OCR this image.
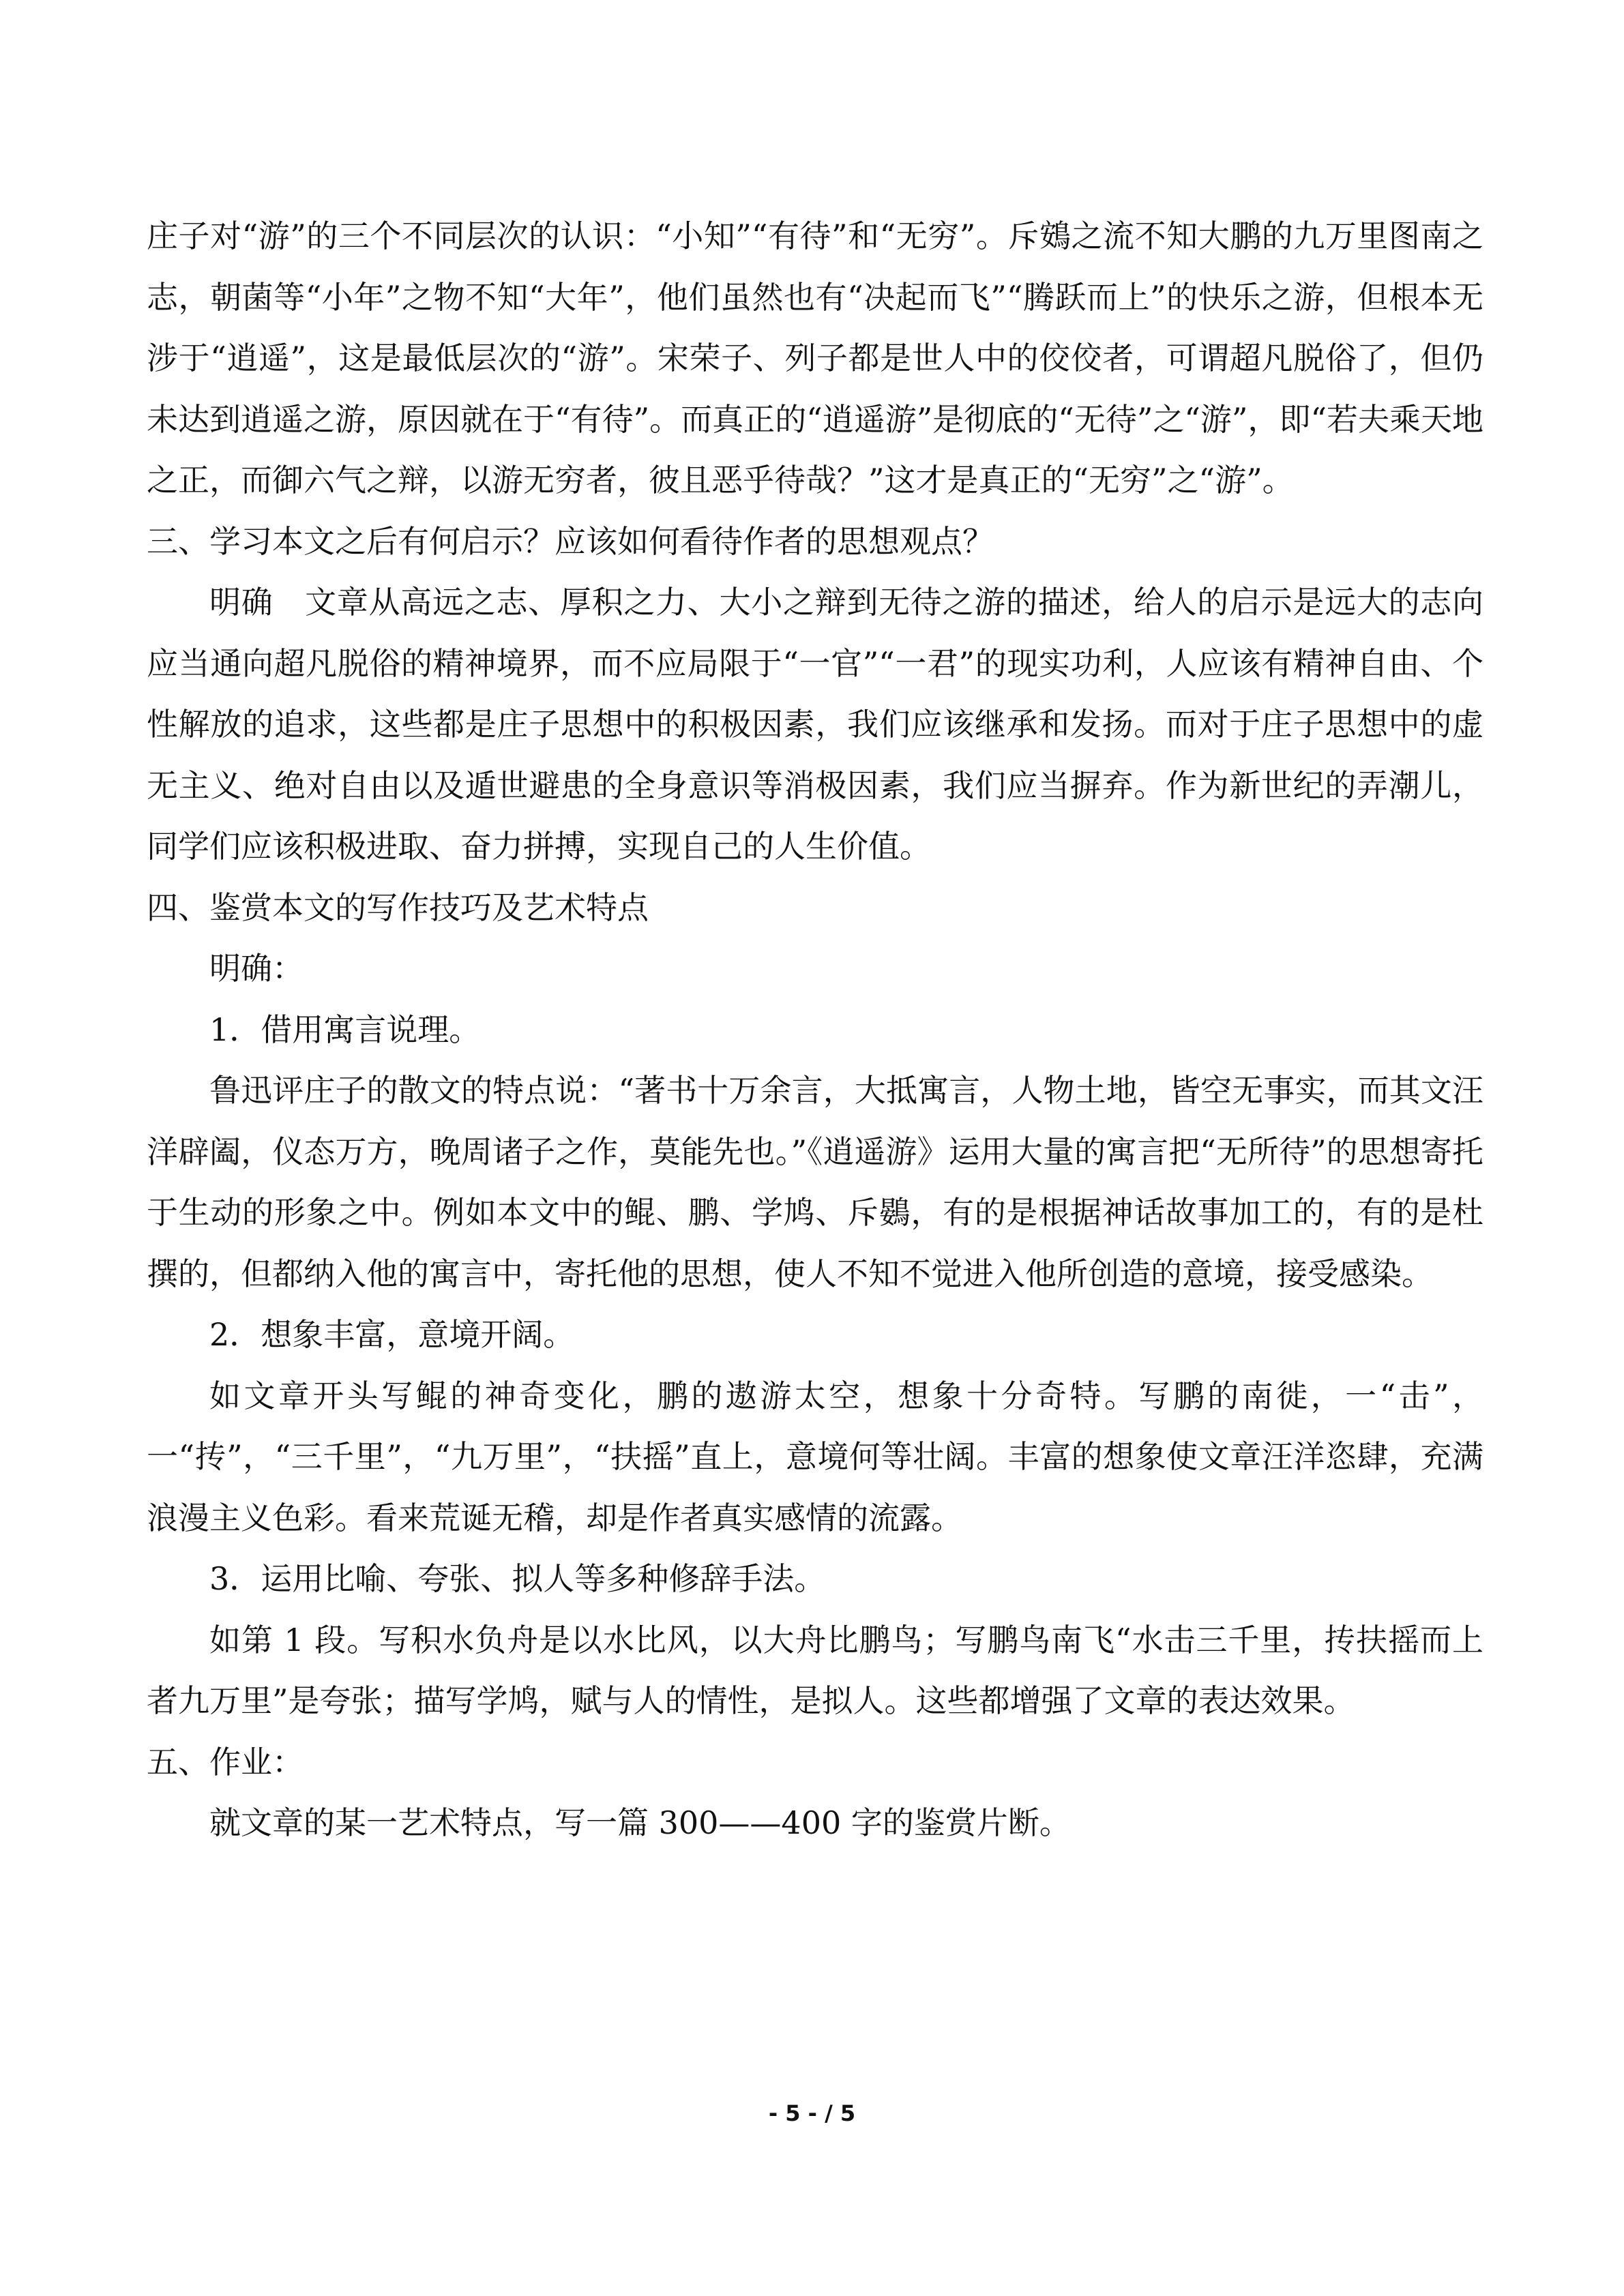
庄子对“游”的三个不同层次的认识：“小知”“有待”和“无穷”。斥鴳之流不知大鹏的九万里图南之志，朝菌等“小年”之物不知“大年”，他们虽然也有“决起而飞”“腾跃而上”的快乐之游，但根本无涉于“逍遥”，这是最低层次的“游”。宋荣子、列子都是世人中的佼佼者，可谓超凡脱俗了，但仍未达到逍遥之游，原因就在于“有待”。而真正的“逍遥游”是彻底的“无待”之“游”，即“若夫乘天地之正，而御六气之辩，以游无穷者，彼且恶乎待哉？”这才是真正的“无穷”之“游”。

三、学习本文之后有何启示？应该如何看待作者的思想观点？

明确　文章从高远之志、厚积之力、大小之辩到无待之游的描述，给人的启示是远大的志向应当通向超凡脱俗的精神境界，而不应局限于“一官”“一君”的现实功利，人应该有精神自由、个性解放的追求，这些都是庄子思想中的积极因素，我们应该继承和发扬。而对于庄子思想中的虚无主义、绝对自由以及遁世避患的全身意识等消极因素，我们应当摒弃。作为新世纪的弄潮儿，同学们应该积极进取、奋力拼搏，实现自己的人生价值。

四、鉴赏本文的写作技巧及艺术特点

明确：

1．借用寓言说理。

鲁迅评庄子的散文的特点说：“著书十万余言，大抵寓言，人物土地，皆空无事实，而其文汪洋辟阖，仪态万方，晚周诸子之作，莫能先也。”《逍遥游》运用大量的寓言把“无所待”的思想寄托于生动的形象之中。例如本文中的鲲、鹏、学鸠、斥鷃，有的是根据神话故事加工的，有的是杜撰的，但都纳入他的寓言中，寄托他的思想，使人不知不觉进入他所创造的意境，接受感染。

2．想象丰富，意境开阔。

如文章开头写鲲的神奇变化，鹏的遨游太空，想象十分奇特。写鹏的南徙，一“击”，一“抟”，“三千里”，“九万里”，“扶摇”直上，意境何等壮阔。丰富的想象使文章汪洋恣肆，充满浪漫主义色彩。看来荒诞无稽，却是作者真实感情的流露。

3．运用比喻、夸张、拟人等多种修辞手法。

如第 1 段。写积水负舟是以水比风，以大舟比鹏鸟；写鹏鸟南飞“水击三千里，抟扶摇而上者九万里”是夸张；描写学鸠，赋与人的情性，是拟人。这些都增强了文章的表达效果。

五、作业：

就文章的某一艺术特点，写一篇 300——400 字的鉴赏片断。

- 5 - / 5
